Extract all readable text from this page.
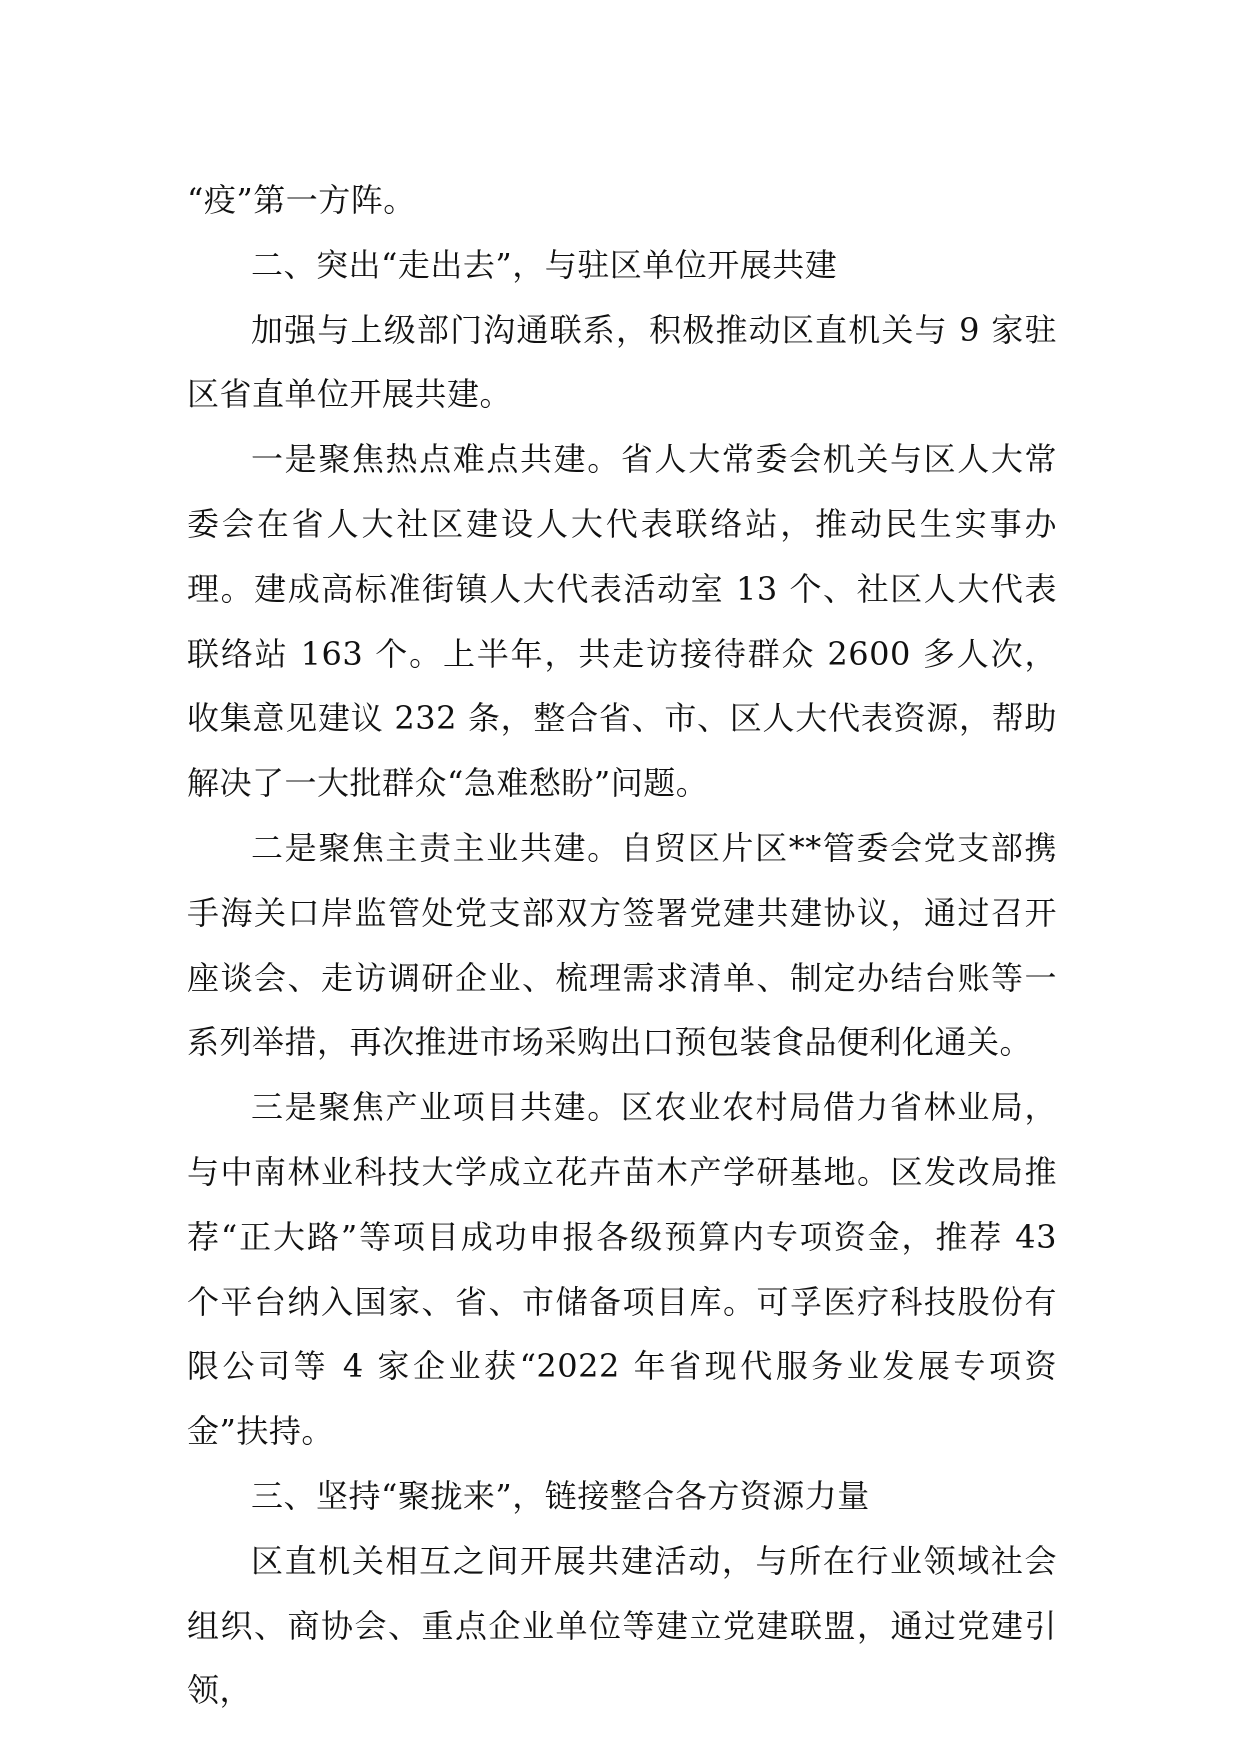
“疫”第一方阵。

二、突出“走出去”，与驻区单位开展共建

加强与上级部门沟通联系，积极推动区直机关与 9 家驻区省直单位开展共建。

一是聚焦热点难点共建。省人大常委会机关与区人大常委会在省人大社区建设人大代表联络站，推动民生实事办理。建成高标准街镇人大代表活动室 13 个、社区人大代表联络站 163 个。上半年，共走访接待群众 2600 多人次，收集意见建议 232 条，整合省、市、区人大代表资源，帮助解决了一大批群众“急难愁盼”问题。

二是聚焦主责主业共建。自贸区片区**管委会党支部携手海关口岸监管处党支部双方签署党建共建协议，通过召开座谈会、走访调研企业、梳理需求清单、制定办结台账等一系列举措，再次推进市场采购出口预包装食品便利化通关。

三是聚焦产业项目共建。区农业农村局借力省林业局，与中南林业科技大学成立花卉苗木产学研基地。区发改局推荐“正大路”等项目成功申报各级预算内专项资金，推荐 43 个平台纳入国家、省、市储备项目库。可孚医疗科技股份有限公司等 4 家企业获“2022 年省现代服务业发展专项资金”扶持。

三、坚持“聚拢来”，链接整合各方资源力量

区直机关相互之间开展共建活动，与所在行业领域社会组织、商协会、重点企业单位等建立党建联盟，通过党建引领，
